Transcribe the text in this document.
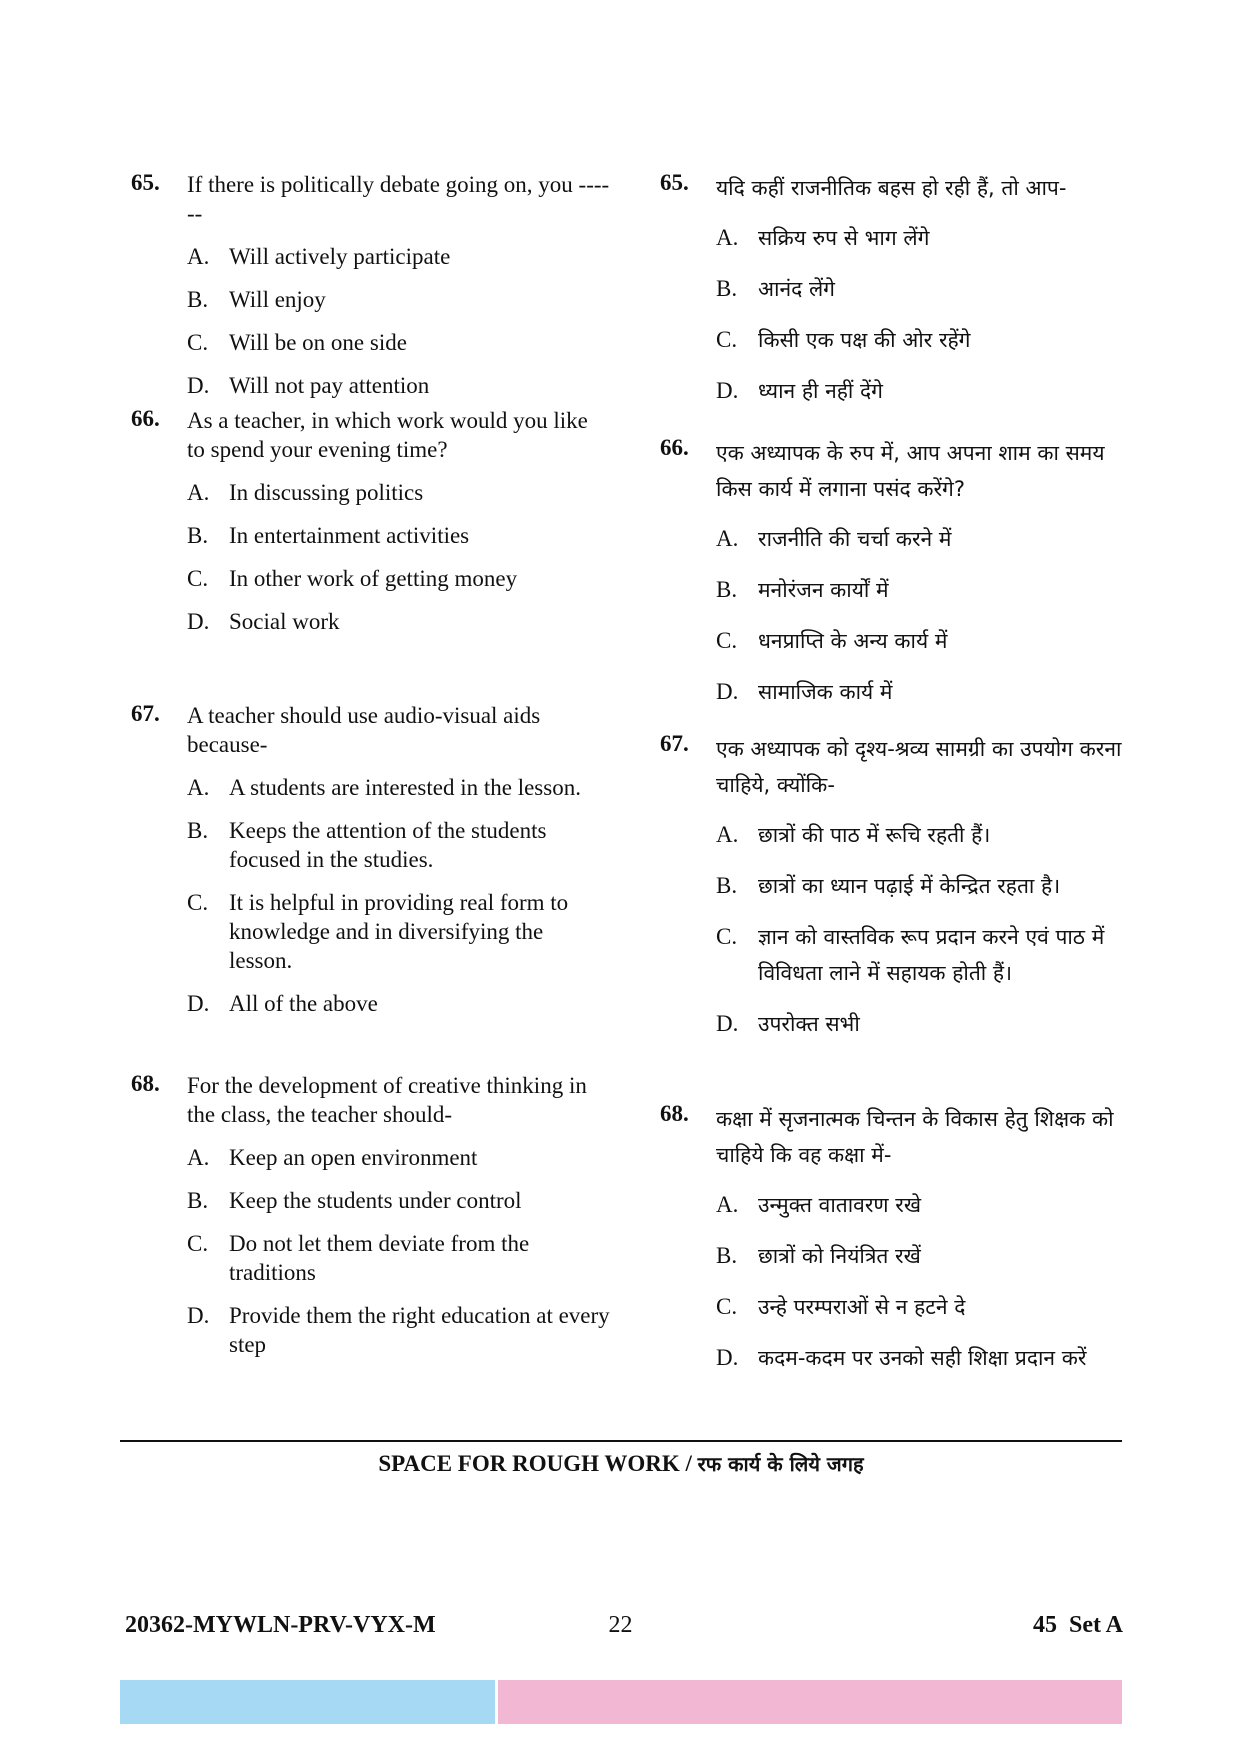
65. If there is politically debate going on, you ------
A. Will actively participate
B. Will enjoy
C. Will be on one side
D. Will not pay attention
66. As a teacher, in which work would you like to spend your evening time?
A. In discussing politics
B. In entertainment activities
C. In other work of getting money
D. Social work
67. A teacher should use audio-visual aids because-
A. A students are interested in the lesson.
B. Keeps the attention of the students focused in the studies.
C. It is helpful in providing real form to knowledge and in diversifying the lesson.
D. All of the above
68. For the development of creative thinking in the class, the teacher should-
A. Keep an open environment
B. Keep the students under control
C. Do not let them deviate from the traditions
D. Provide them the right education at every step
65. यदि कहीं राजनीतिक बहस हो रही हैं, तो आप-
A. सक्रिय रुप से भाग लेंगे
B. आनंद लेंगे
C. किसी एक पक्ष की ओर रहेंगे
D. ध्यान ही नहीं देंगे
66. एक अध्यापक के रुप में, आप अपना शाम का समय किस कार्य में लगाना पसंद करेंगे?
A. राजनीति की चर्चा करने में
B. मनोरंजन कार्यों में
C. धनप्राप्ति के अन्य कार्य में
D. सामाजिक कार्य में
67. एक अध्यापक को दृश्य-श्रव्य सामग्री का उपयोग करना चाहिये, क्योंकि-
A. छात्रों की पाठ में रूचि रहती हैं।
B. छात्रों का ध्यान पढ़ाई में केन्द्रित रहता है।
C. ज्ञान को वास्तविक रूप प्रदान करने एवं पाठ में विविधता लाने में सहायक होती हैं।
D. उपरोक्त सभी
68. कक्षा में सृजनात्मक चिन्तन के विकास हेतु शिक्षक को चाहिये कि वह कक्षा में-
A. उन्मुक्त वातावरण रखे
B. छात्रों को नियंत्रित रखें
C. उन्हे परम्पराओं से न हटने दे
D. कदम-कदम पर उनको सही शिक्षा प्रदान करें
SPACE FOR ROUGH WORK / रफ कार्य के लिये जगह
20362-MYWLN-PRV-VYX-M	22	45  Set A
